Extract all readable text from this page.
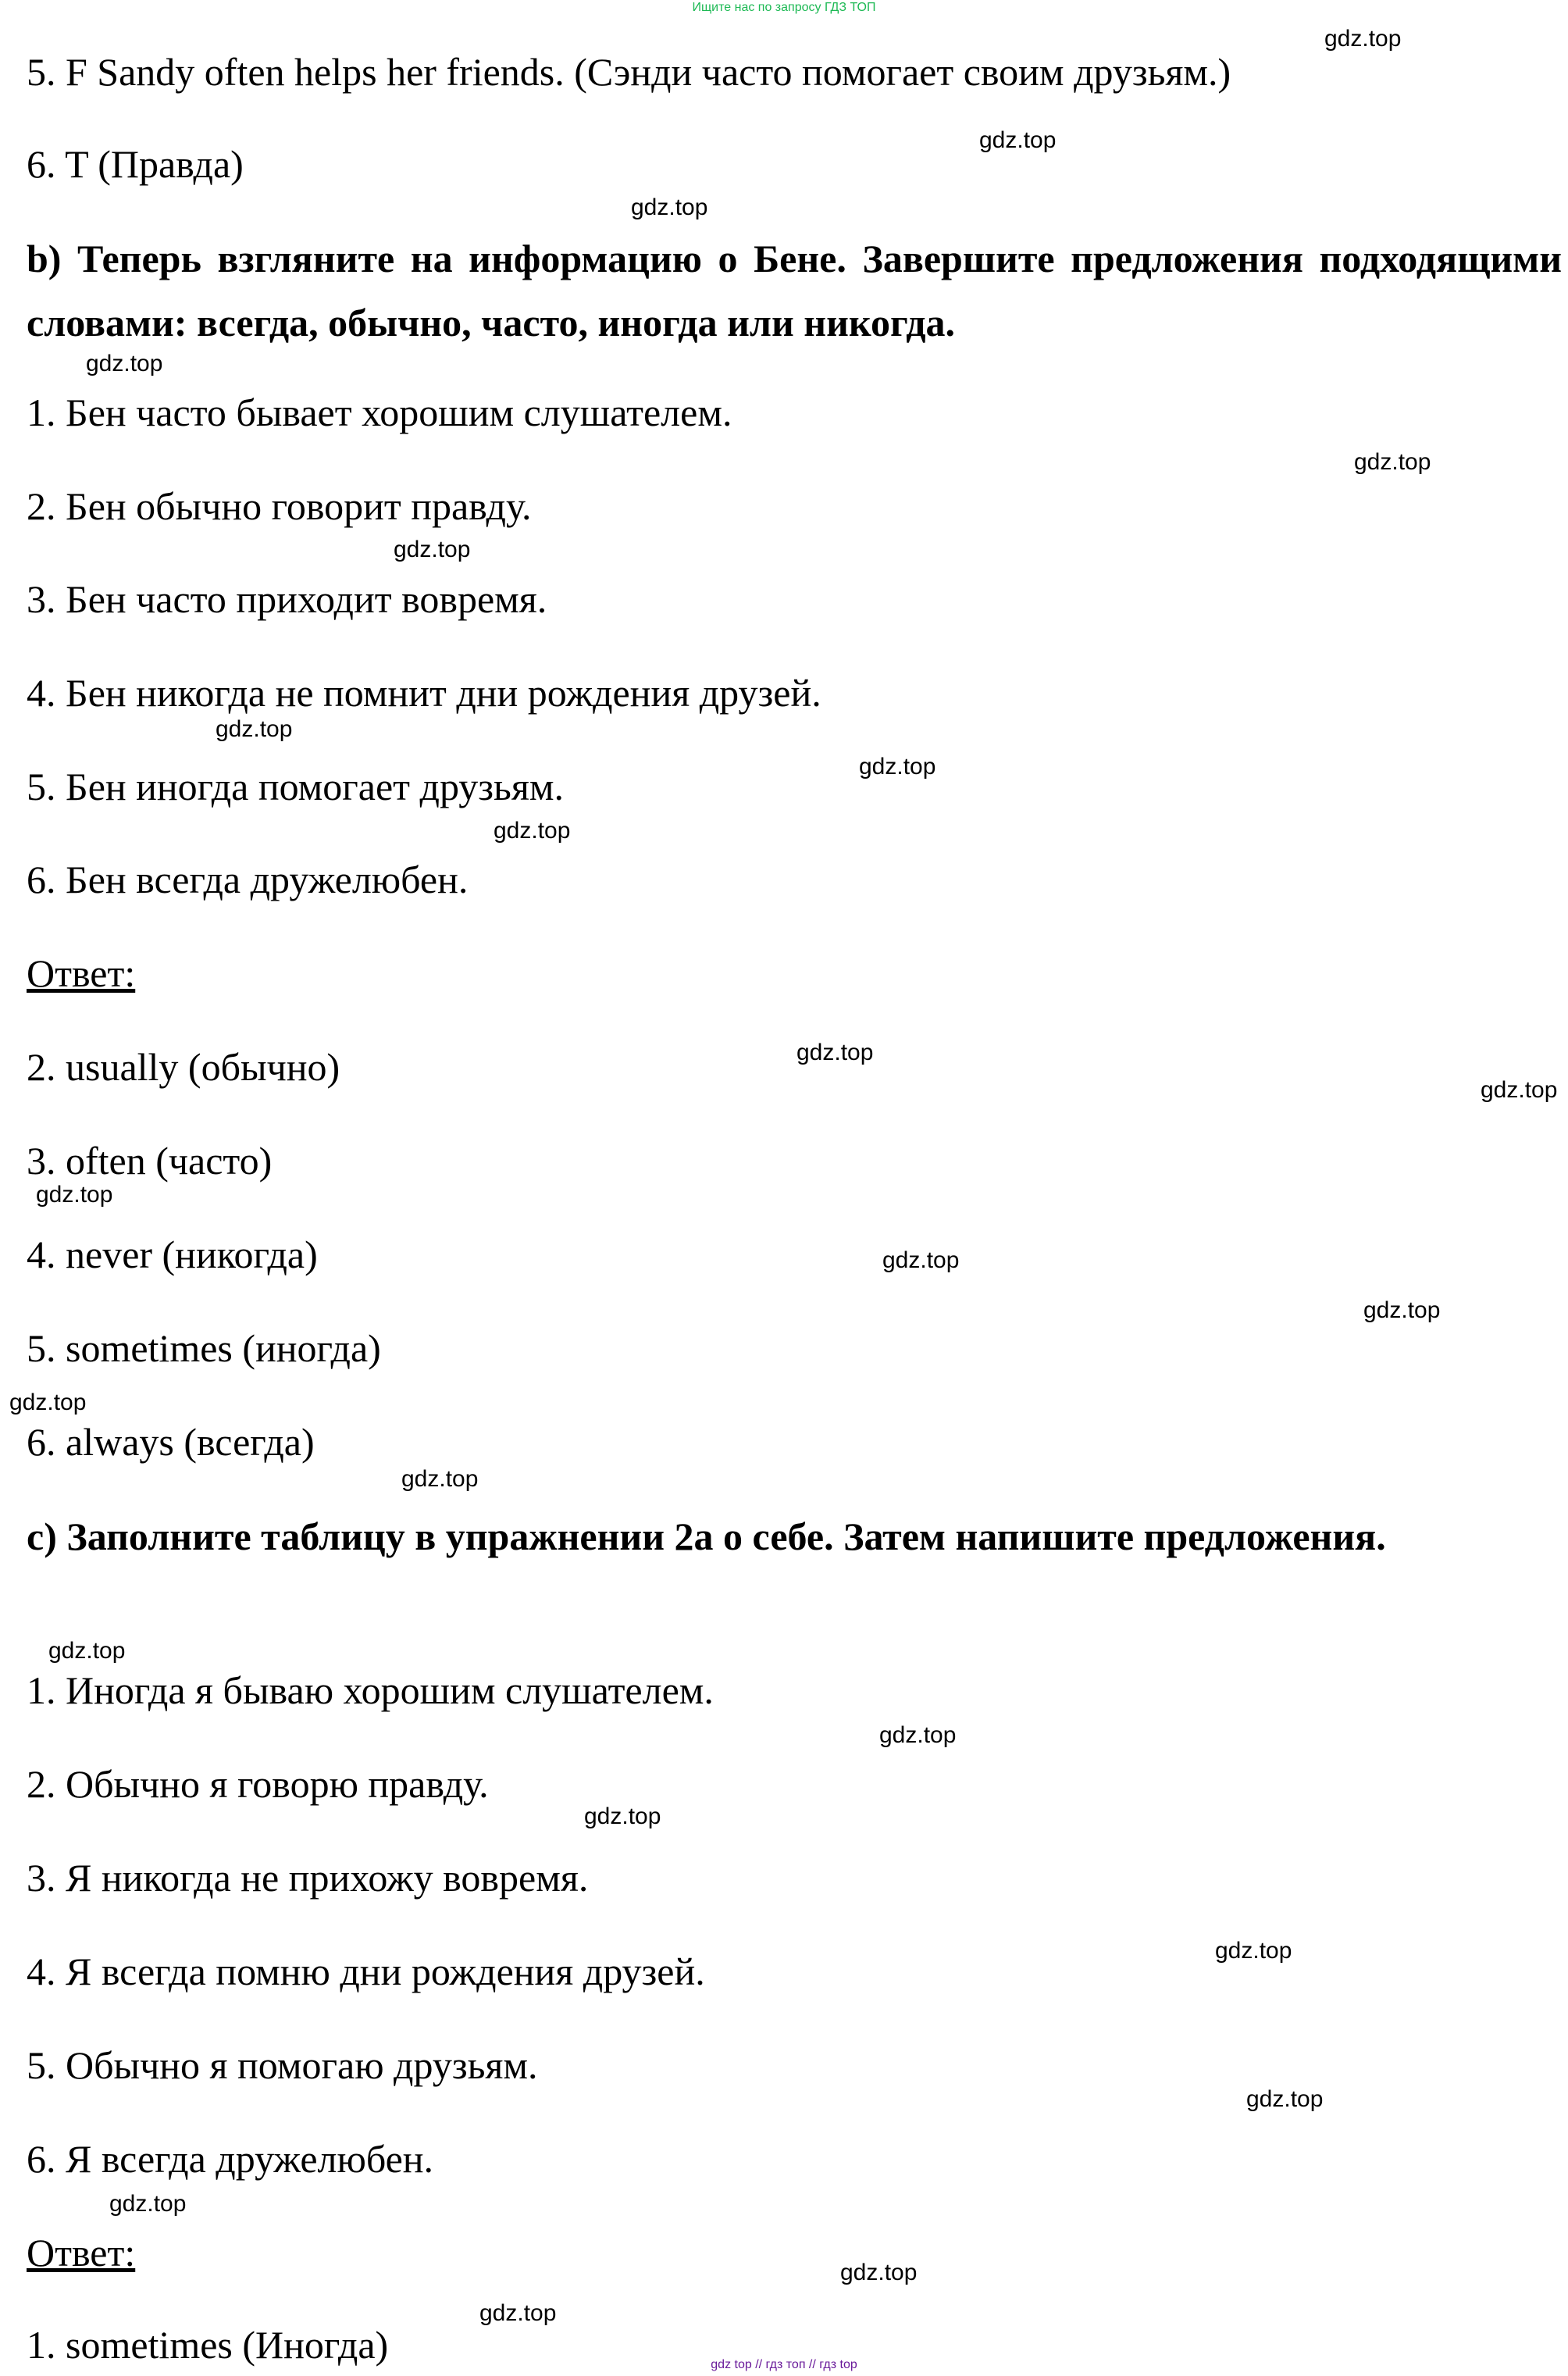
Ищите нас по запросу ГДЗ ТОП
5. F Sandy often helps her friends. (Сэнди часто помогает своим друзьям.)
6. T (Правда)
b) Теперь взгляните на информацию о Бене. Завершите предложения подходящими словами: всегда, обычно, часто, иногда или никогда.
1. Бен часто бывает хорошим слушателем.
2. Бен обычно говорит правду.
3. Бен часто приходит вовремя.
4. Бен никогда не помнит дни рождения друзей.
5. Бен иногда помогает друзьям.
6. Бен всегда дружелюбен.
Ответ:
2. usually (обычно)
3. often (часто)
4. never (никогда)
5. sometimes (иногда)
6. always (всегда)
c) Заполните таблицу в упражнении 2a о себе. Затем напишите предложения.
1. Иногда я бываю хорошим слушателем.
2. Обычно я говорю правду.
3. Я никогда не прихожу вовремя.
4. Я всегда помню дни рождения друзей.
5. Обычно я помогаю друзьям.
6. Я всегда дружелюбен.
Ответ:
1. sometimes (Иногда)
gdz.top
gdz.top
gdz.top
gdz.top
gdz.top
gdz.top
gdz.top
gdz.top
gdz.top
gdz.top
gdz.top
gdz.top
gdz.top
gdz.top
gdz.top
gdz.top
gdz.top
gdz.top
gdz.top
gdz.top
gdz.top
gdz.top
gdz.top
gdz.top
gdz top // гдз топ // гдз top
